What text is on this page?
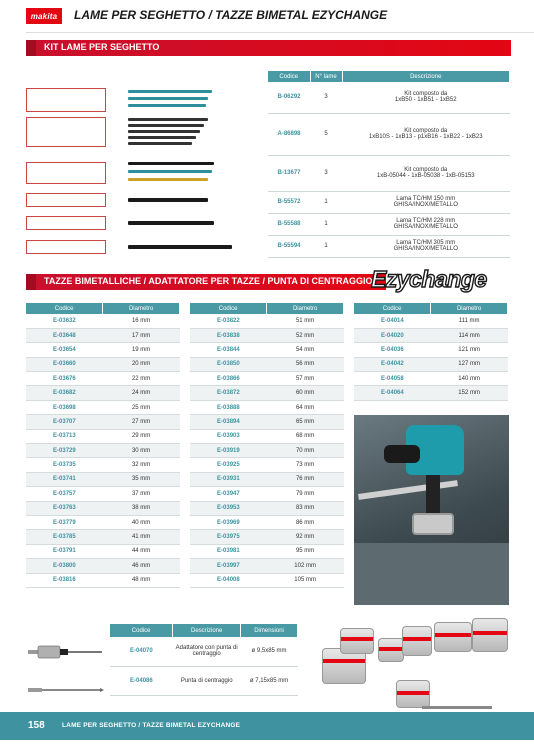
makita	LAME PER SEGHETTO / TAZZE BIMETAL EZYCHANGE
KIT LAME PER SEGHETTO
Codice	N° lame	Descrizione
B-06292	3	Kit composto da
1xB50 - 1xB51 - 1xB52

A-86898	5	Kit composto da
1xB10S - 1xB13 - p1xB16 - 1xB22 - 1xB23

B-13677	3	Kit composto da
1xB-05044 - 1xB-05038 - 1xB-05153

B-55572	1	Lama TC/HM 150 mm
GHISA/INOX/METALLO

B-55588	1	Lama TC/HM 228 mm
GHISA/INOX/METALLO

B-55594	1	Lama TC/HM 305 mm
GHISA/INOX/METALLO
TAZZE BIMETALLICHE / ADATTATORE PER TAZZE / PUNTA DI CENTRAGGIO
Ezychange
Codice	Diametro
E-03632	16 mm
E-03648	17 mm
E-03654	19 mm
E-03660	20 mm
E-03676	22 mm
E-03682	24 mm
E-03698	25 mm
E-03707	27 mm
E-03713	29 mm
E-03729	30 mm
E-03735	32 mm
E-03741	35 mm
E-03757	37 mm
E-03763	38 mm
E-03779	40 mm
E-03785	41 mm
E-03791	44 mm
E-03800	46 mm
E-03816	48 mm
Codice	Diametro
E-03822	51 mm
E-03838	52 mm
E-03844	54 mm
E-03850	56 mm
E-03866	57 mm
E-03872	60 mm
E-03888	64 mm
E-03894	65 mm
E-03903	68 mm
E-03919	70 mm
E-03925	73 mm
E-03931	76 mm
E-03947	79 mm
E-03953	83 mm
E-03969	86 mm
E-03975	92 mm
E-03981	95 mm
E-03997	102 mm
E-04008	105 mm
Codice	Diametro
E-04014	111 mm
E-04020	114 mm
E-04036	121 mm
E-04042	127 mm
E-04058	140 mm
E-04064	152 mm
Codice	Descrizione	Dimensioni
E-04070	Adattatore con punta di centraggio	ø 9,5x85 mm
E-04086	Punta di centraggio	ø 7,15x85 mm
158	LAME PER SEGHETTO / TAZZE BIMETAL EZYCHANGE
